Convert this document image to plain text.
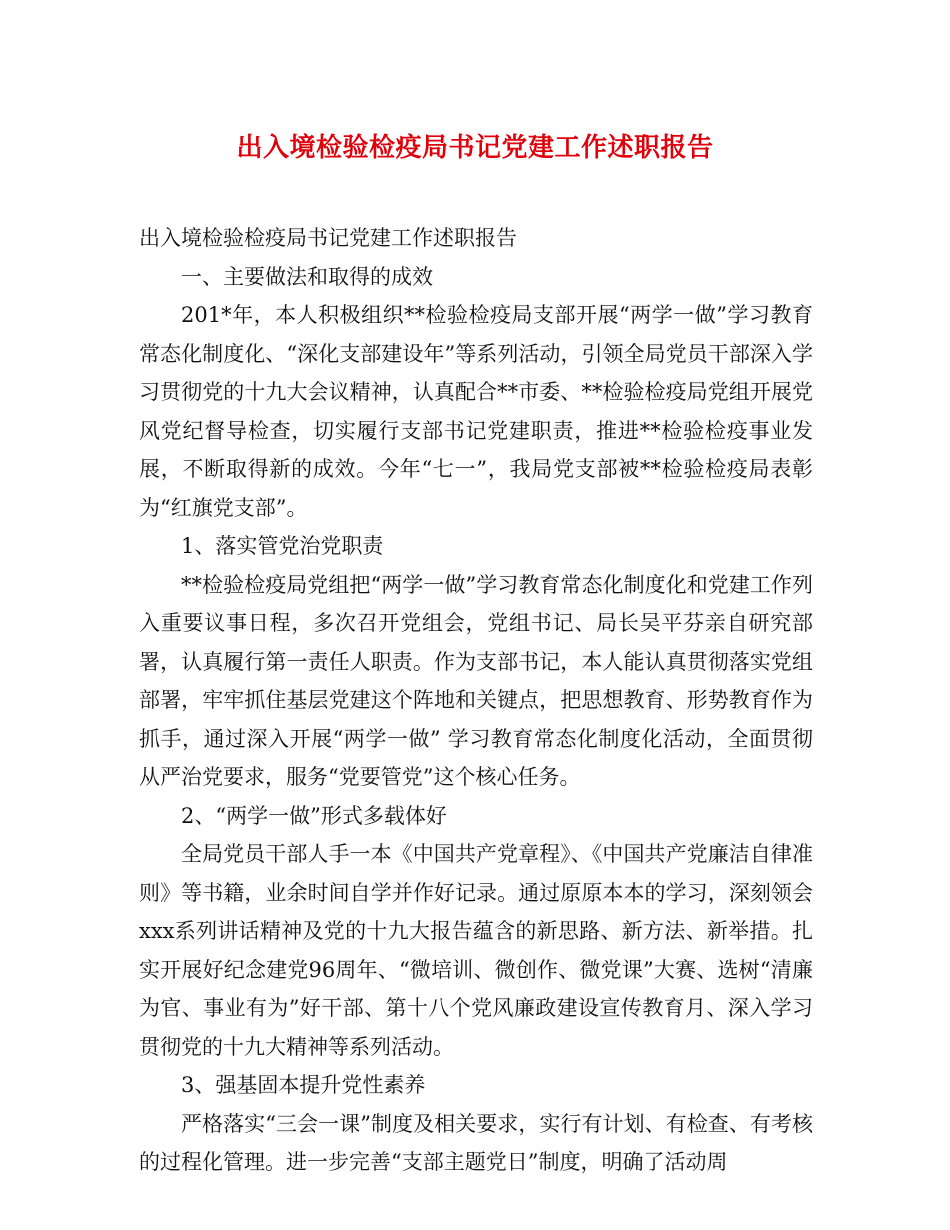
出入境检验检疫局书记党建工作述职报告

出入境检验检疫局书记党建工作述职报告

一、主要做法和取得的成效

201*年，本人积极组织**检验检疫局支部开展“两学一做”学习教育常态化制度化、“深化支部建设年”等系列活动，引领全局党员干部深入学习贯彻党的十九大会议精神，认真配合**市委、**检验检疫局党组开展党风党纪督导检查，切实履行支部书记党建职责，推进**检验检疫事业发展，不断取得新的成效。今年“七一”，我局党支部被**检验检疫局表彰为“红旗党支部”。

1、落实管党治党职责

**检验检疫局党组把“两学一做”学习教育常态化制度化和党建工作列入重要议事日程，多次召开党组会，党组书记、局长吴平芬亲自研究部署，认真履行第一责任人职责。作为支部书记，本人能认真贯彻落实党组部署，牢牢抓住基层党建这个阵地和关键点，把思想教育、形势教育作为抓手，通过深入开展“两学一做” 学习教育常态化制度化活动，全面贯彻从严治党要求，服务“党要管党”这个核心任务。

2、“两学一做”形式多载体好

全局党员干部人手一本《中国共产党章程》、《中国共产党廉洁自律准则》等书籍，业余时间自学并作好记录。通过原原本本的学习，深刻领会xxx系列讲话精神及党的十九大报告蕴含的新思路、新方法、新举措。扎实开展好纪念建党96周年、“微培训、微创作、微党课”大赛、选树“清廉为官、事业有为”好干部、第十八个党风廉政建设宣传教育月、深入学习贯彻党的十九大精神等系列活动。

3、强基固本提升党性素养

严格落实“三会一课”制度及相关要求，实行有计划、有检查、有考核的过程化管理。进一步完善“支部主题党日”制度，明确了活动周
